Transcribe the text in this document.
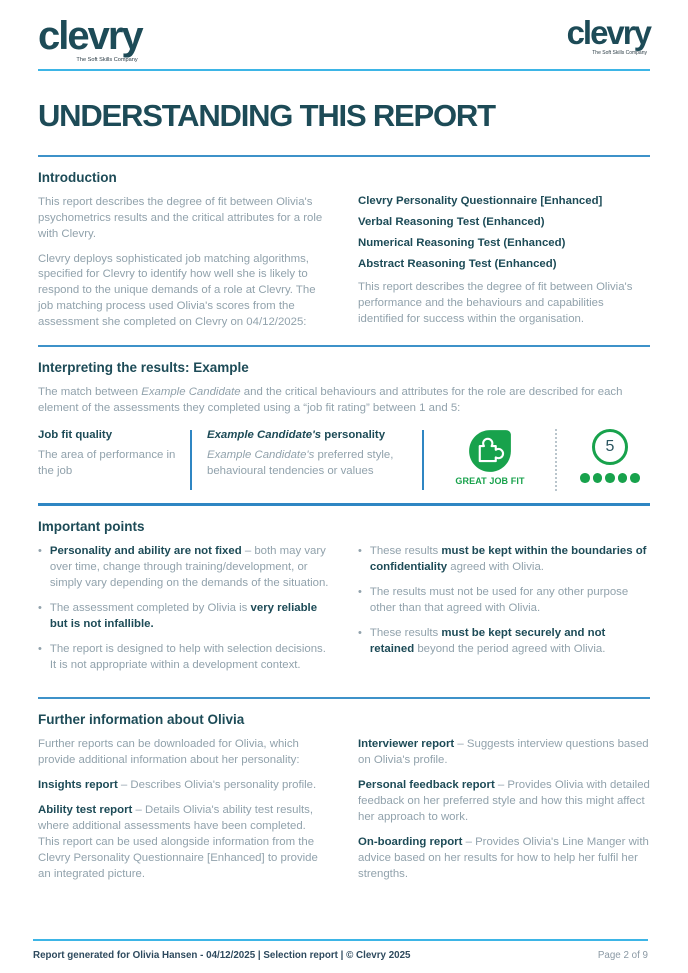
clevry
The Soft Skills Company
clevry
The Soft Skills Company
UNDERSTANDING THIS REPORT
Introduction

This report describes the degree of fit between Olivia's psychometrics results and the critical attributes for a role with Clevry.

Clevry deploys sophisticated job matching algorithms, specified for Clevry to identify how well she is likely to respond to the unique demands of a role at Clevry. The job matching process used Olivia's scores from the assessment she completed on Clevry on 04/12/2025:

Clevry Personality Questionnaire [Enhanced]
Verbal Reasoning Test (Enhanced)
Numerical Reasoning Test (Enhanced)
Abstract Reasoning Test (Enhanced)

This report describes the degree of fit between Olivia's performance and the behaviours and capabilities identified for success within the organisation.

Interpreting the results: Example

The match between Example Candidate and the critical behaviours and attributes for the role are described for each element of the assessments they completed using a “job fit rating” between 1 and 5:

Job fit quality
The area of performance in the job
Example Candidate's personality
Example Candidate's preferred style, behavioural tendencies or values
GREAT JOB FIT
5
Important points
• Personality and ability are not fixed – both may vary over time, change through training/development, or simply vary depending on the demands of the situation.
• The assessment completed by Olivia is very reliable but is not infallible.
• The report is designed to help with selection decisions. It is not appropriate within a development context.
• These results must be kept within the boundaries of confidentiality agreed with Olivia.
• The results must not be used for any other purpose other than that agreed with Olivia.
• These results must be kept securely and not retained beyond the period agreed with Olivia.
Further information about Olivia

Further reports can be downloaded for Olivia, which provide additional information about her personality:

Insights report – Describes Olivia's personality profile.

Ability test report – Details Olivia's ability test results, where additional assessments have been completed. This report can be used alongside information from the Clevry Personality Questionnaire [Enhanced] to provide an integrated picture.

Interviewer report – Suggests interview questions based on Olivia's profile.

Personal feedback report – Provides Olivia with detailed feedback on her preferred style and how this might affect her approach to work.

On-boarding report – Provides Olivia's Line Manger with advice based on her results for how to help her fulfil her strengths.

Report generated for Olivia Hansen - 04/12/2025 | Selection report | © Clevry 2025	Page 2 of 9
